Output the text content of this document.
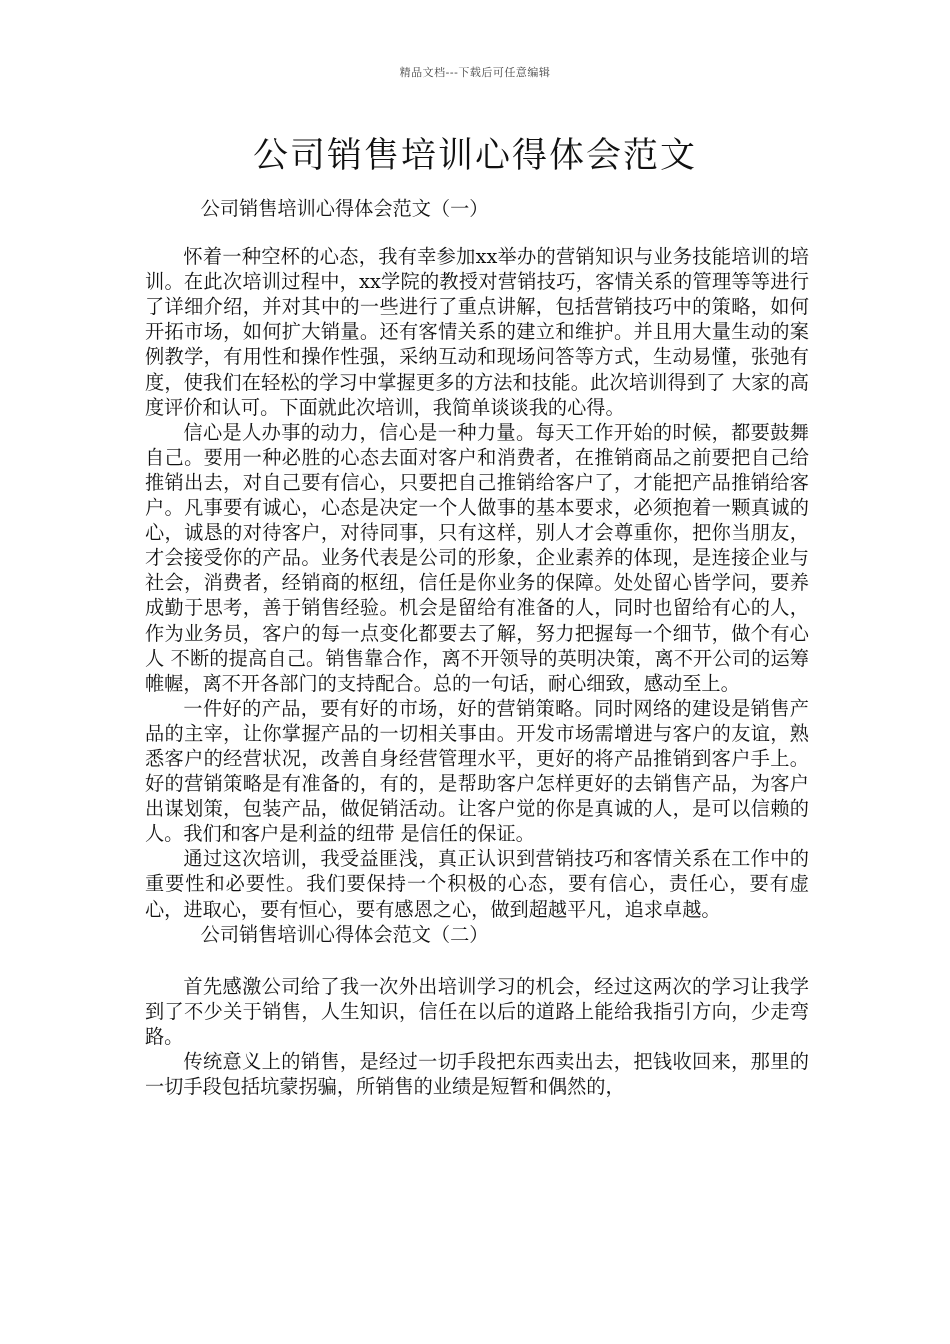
精品文档---下载后可任意编辑
公司销售培训心得体会范文

公司销售培训心得体会范文（一）

怀着一种空杯的心态，我有幸参加xx举办的营销知识与业务技能培训的培训。在此次培训过程中，xx学院的教授对营销技巧，客情关系的管理等等进行了详细介绍，并对其中的一些进行了重点讲解，包括营销技巧中的策略，如何开拓市场，如何扩大销量。还有客情关系的建立和维护。并且用大量生动的案例教学，有用性和操作性强，采纳互动和现场问答等方式，生动易懂，张弛有度，使我们在轻松的学习中掌握更多的方法和技能。此次培训得到了 大家的高度评价和认可。下面就此次培训，我简单谈谈我的心得。

信心是人办事的动力，信心是一种力量。每天工作开始的时候，都要鼓舞自己。要用一种必胜的心态去面对客户和消费者，在推销商品之前要把自己给推销出去，对自己要有信心，只要把自己推销给客户了，才能把产品推销给客户。凡事要有诚心，心态是决定一个人做事的基本要求，必须抱着一颗真诚的心，诚恳的对待客户，对待同事，只有这样，别人才会尊重你，把你当朋友，才会接受你的产品。业务代表是公司的形象，企业素养的体现，是连接企业与社会，消费者，经销商的枢纽，信任是你业务的保障。处处留心皆学问，要养成勤于思考，善于销售经验。机会是留给有准备的人，同时也留给有心的人，作为业务员，客户的每一点变化都要去了解，努力把握每一个细节，做个有心人 不断的提高自己。销售靠合作，离不开领导的英明决策，离不开公司的运筹帷幄，离不开各部门的支持配合。总的一句话，耐心细致，感动至上。

一件好的产品，要有好的市场，好的营销策略。同时网络的建设是销售产品的主宰，让你掌握产品的一切相关事由。开发市场需增进与客户的友谊，熟悉客户的经营状况，改善自身经营管理水平，更好的将产品推销到客户手上。好的营销策略是有准备的，有的，是帮助客户怎样更好的去销售产品，为客户出谋划策，包装产品，做促销活动。让客户觉的你是真诚的人，是可以信赖的人。我们和客户是利益的纽带 是信任的保证。

通过这次培训，我受益匪浅，真正认识到营销技巧和客情关系在工作中的重要性和必要性。我们要保持一个积极的心态，要有信心，责任心，要有虚心，进取心，要有恒心，要有感恩之心，做到超越平凡，追求卓越。

公司销售培训心得体会范文（二）

首先感激公司给了我一次外出培训学习的机会，经过这两次的学习让我学到了不少关于销售，人生知识，信任在以后的道路上能给我指引方向，少走弯路。

传统意义上的销售，是经过一切手段把东西卖出去，把钱收回来，那里的一切手段包括坑蒙拐骗，所销售的业绩是短暂和偶然的，
